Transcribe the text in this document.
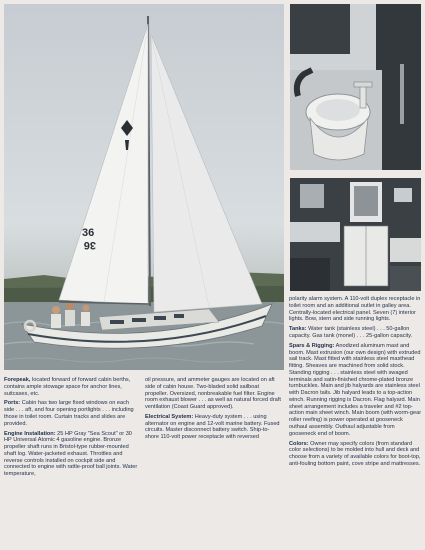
36
36

Forepeak, located forward of forward cabin berths, contains ample stowage space for anchor lines, suitcases, etc.

Ports: Cabin has two large fixed windows on each side . . . aft, and four opening portlights . . . including those in toilet room. Curtain tracks and slides are provided.

Engine Installation: 25 HP Gray "Sea Scout" or 30 HP Universal Atomic 4 gasoline engine. Bronze propeller shaft runs in Bristol-type rubber-mounted shaft log. Water-jacketed exhaust. Throttles and reverse controls installed on cockpit side and connected to engine with rattle-proof ball joints. Water temperature,

oil pressure, and ammeter gauges are located on aft side of cabin house. Two-bladed solid sailboat propeller. Oversized, nonbreakable fuel filter. Engine room exhaust blower . . . as well as natural forced draft ventilation (Coast Guard approved).

Electrical System: Heavy-duty system . . . using alternator on engine and 12-volt marine battery. Fused circuits. Master disconnect battery switch. Ship-to-shore 110-volt power receptacle with reversed

polarity alarm system. A 110-volt duplex receptacle in toilet room and an additional outlet in galley area. Centrally-located electrical panel. Seven (7) interior lights. Bow, stern and side running lights.

Tanks: Water tank (stainless steel) . . . 50-gallon capacity. Gas tank (monel) . . . 25-gallon capacity.

Spars & Rigging: Anodized aluminum mast and boom. Mast extrusion (our own design) with extruded sail track. Mast fitted with stainless steel masthead fitting. Sheaves are machined from solid stock. Standing rigging . . . stainless steel with swaged terminals and satin-finished chrome-plated bronze turnbuckles. Main and jib halyards are stainless steel with Dacron tails. Jib halyard leads to a top-action winch. Running rigging is Dacron. Flag halyard. Main sheet arrangement includes a traveler and #2 top-action main sheet winch. Main boom (with worm-gear roller reefing) is power operated at gooseneck outhaul assembly. Outhaul adjustable from gooseneck end of boom.

Colors: Owner may specify colors (from standard color selections) to be molded into hull and deck and choose from a variety of available colors for boot-top, anti-fouling bottom paint, cove stripe and mattresses.
